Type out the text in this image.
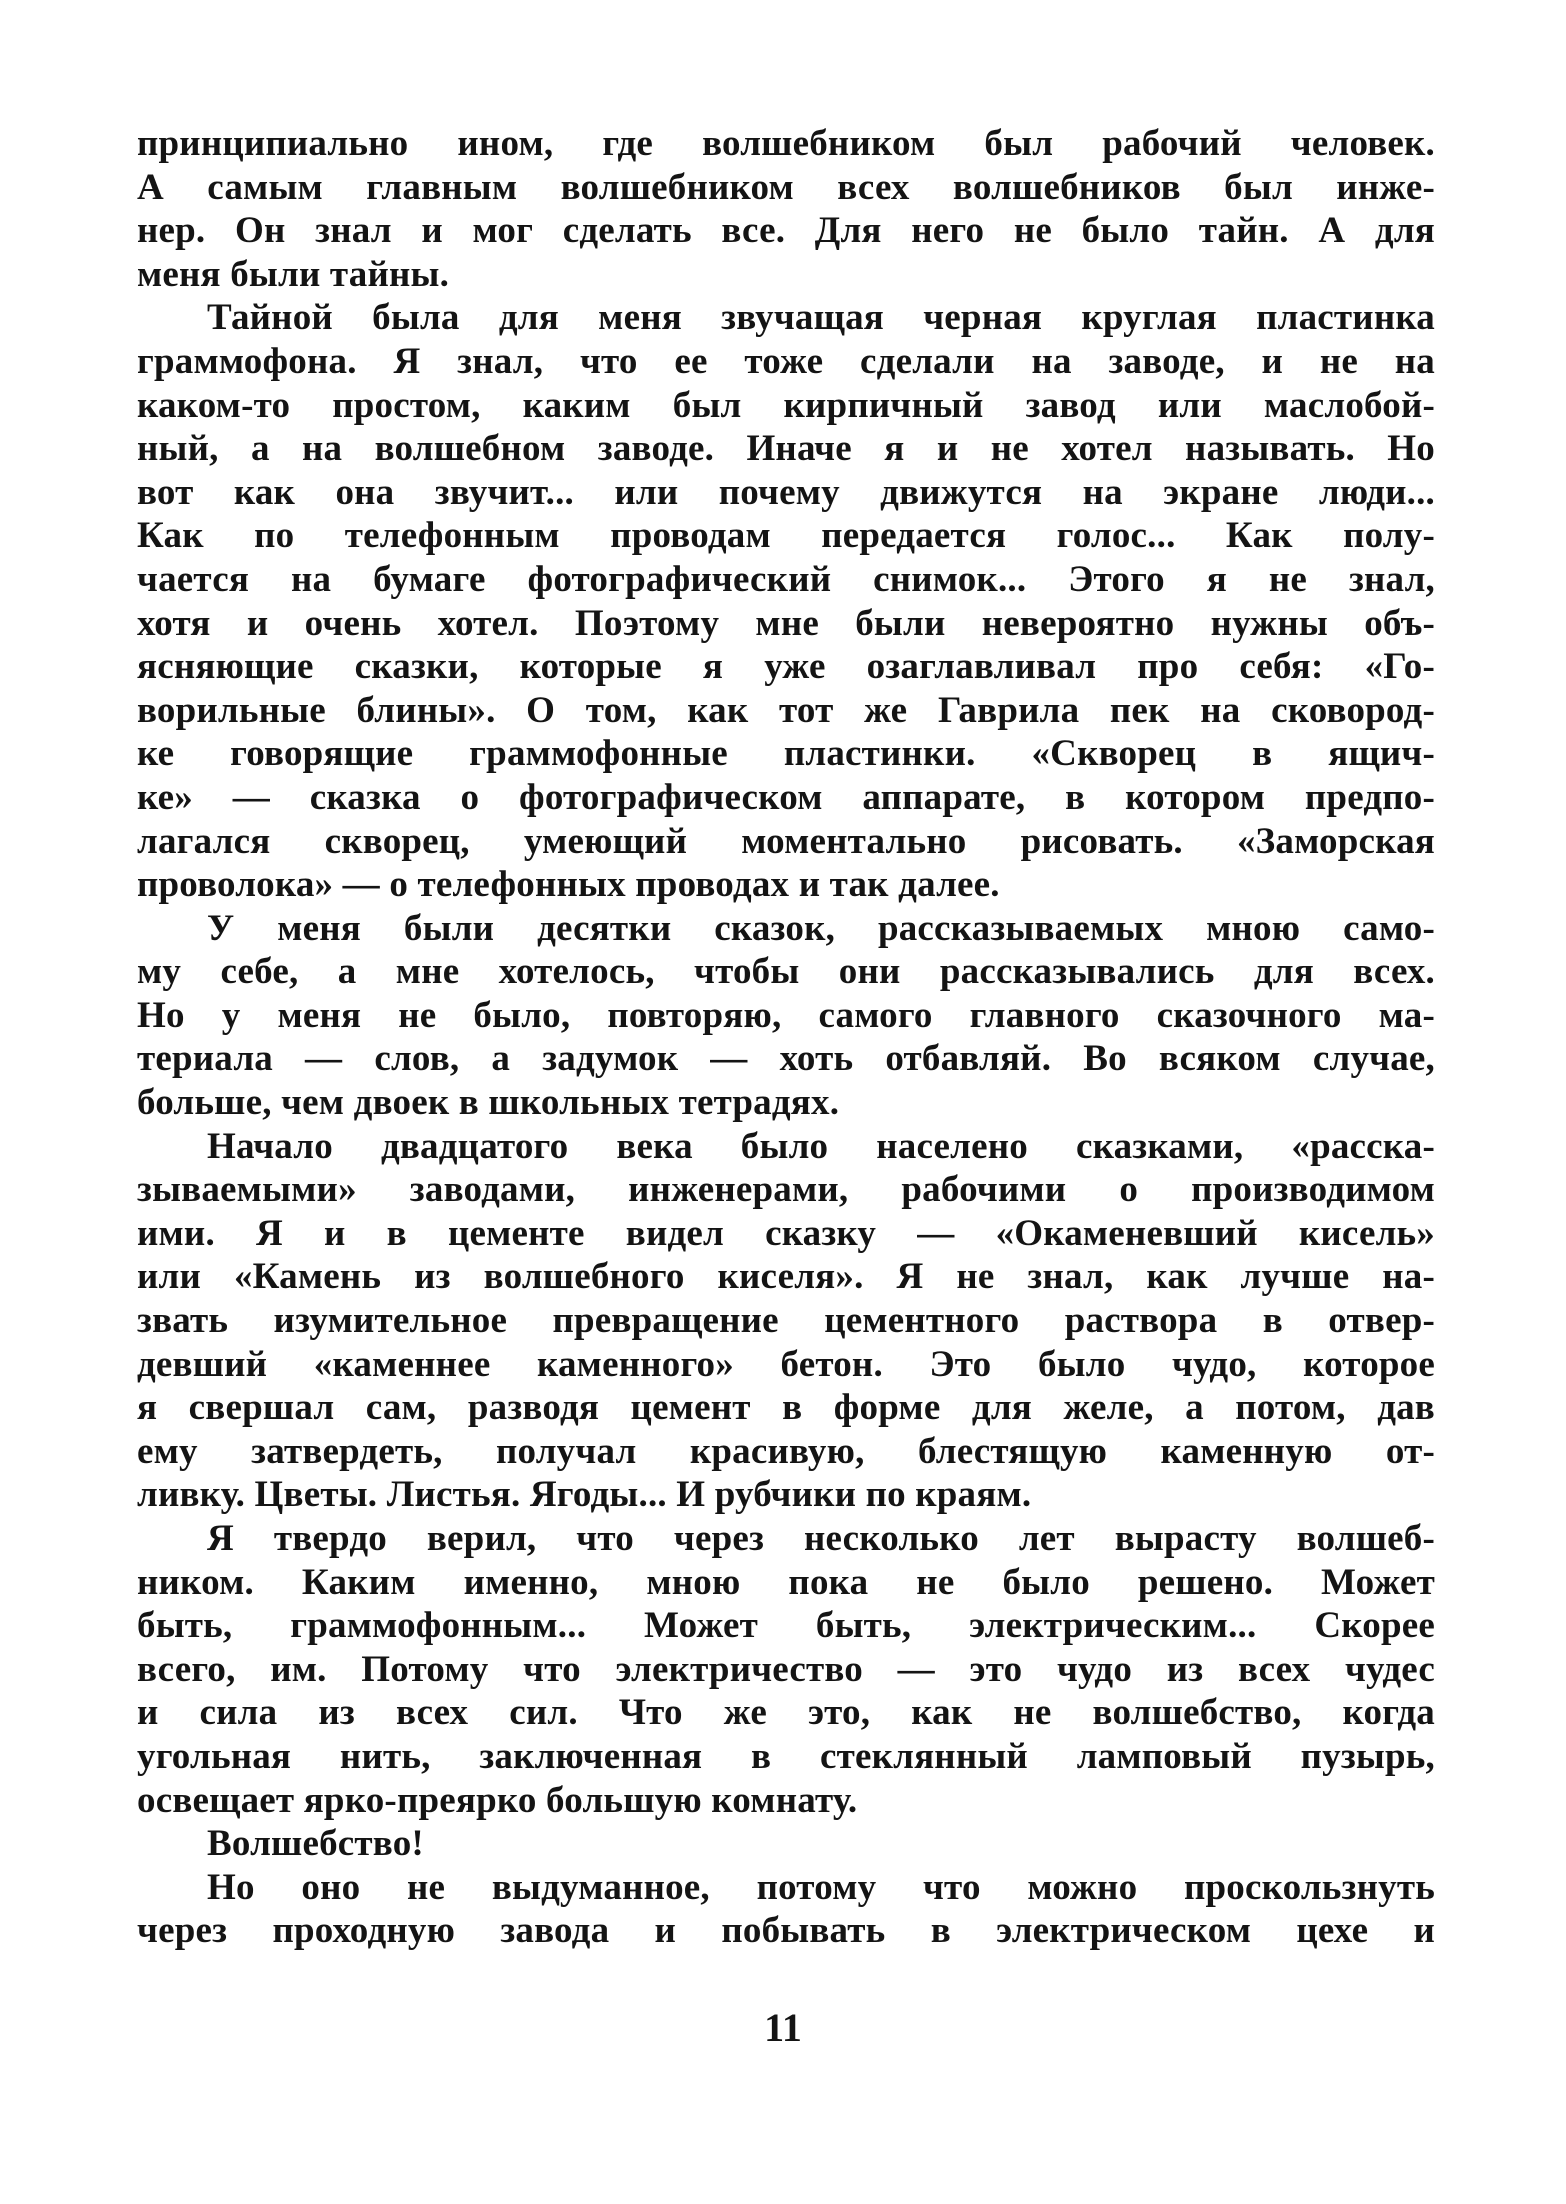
принципиально ином, где волшебником был рабочий человек.
А самым главным волшебником всех волшебников был инже-
нер. Он знал и мог сделать все. Для него не было тайн. А для
меня были тайны.
Тайной была для меня звучащая черная круглая пластинка
граммофона. Я знал, что ее тоже сделали на заводе, и не на
каком-то простом, каким был кирпичный завод или маслобой-
ный, а на волшебном заводе. Иначе я и не хотел называть. Но
вот как она звучит... или почему движутся на экране люди...
Как по телефонным проводам передается голос... Как полу-
чается на бумаге фотографический снимок... Этого я не знал,
хотя и очень хотел. Поэтому мне были невероятно нужны объ-
ясняющие сказки, которые я уже озаглавливал про себя: «Го-
ворильные блины». О том, как тот же Гаврила пек на сковород-
ке говорящие граммофонные пластинки. «Скворец в ящич-
ке» — сказка о фотографическом аппарате, в котором предпо-
лагался скворец, умеющий моментально рисовать. «Заморская
проволока» — о телефонных проводах и так далее.
У меня были десятки сказок, рассказываемых мною само-
му себе, а мне хотелось, чтобы они рассказывались для всех.
Но у меня не было, повторяю, самого главного сказочного ма-
териала — слов, а задумок — хоть отбавляй. Во всяком случае,
больше, чем двоек в школьных тетрадях.
Начало двадцатого века было населено сказками, «расска-
зываемыми» заводами, инженерами, рабочими о производимом
ими. Я и в цементе видел сказку — «Окаменевший кисель»
или «Камень из волшебного киселя». Я не знал, как лучше на-
звать изумительное превращение цементного раствора в отвер-
девший «каменнее каменного» бетон. Это было чудо, которое
я свершал сам, разводя цемент в форме для желе, а потом, дав
ему затвердеть, получал красивую, блестящую каменную от-
ливку. Цветы. Листья. Ягоды... И рубчики по краям.
Я твердо верил, что через несколько лет выраcту волшеб-
ником. Каким именно, мною пока не было решено. Может
быть, граммофонным... Может быть, электрическим... Скорее
всего, им. Потому что электричество — это чудо из всех чудес
и сила из всех сил. Что же это, как не волшебство, когда
угольная нить, заключенная в стеклянный ламповый пузырь,
освещает ярко-преярко большую комнату.
Волшебство!
Но оно не выдуманное, потому что можно проскользнуть
через проходную завода и побывать в электрическом цехе и
11
